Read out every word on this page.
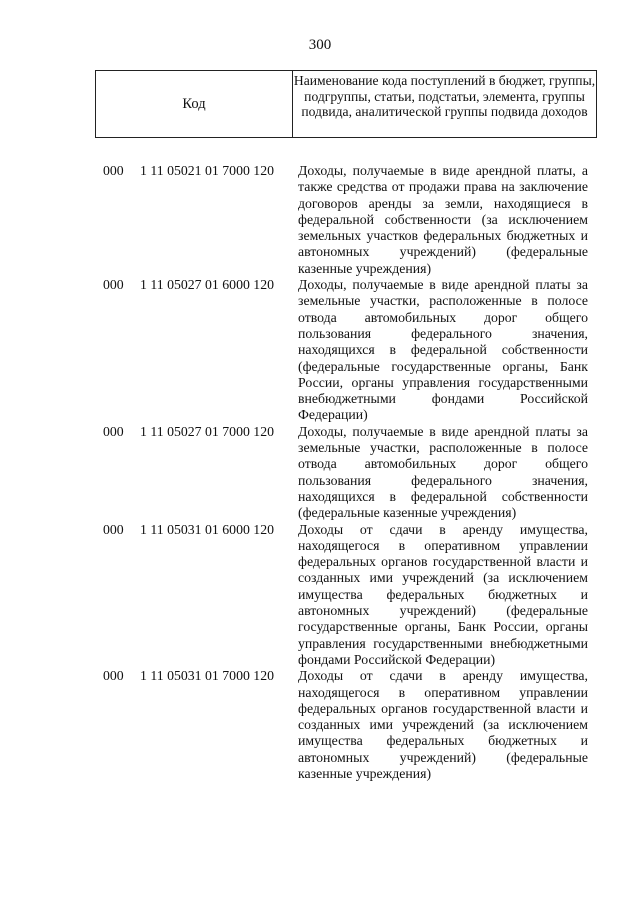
300
Код
Наименование кода поступлений в бюджет, группы, подгруппы, статьи, подстатьи, элемента, группы подвида, аналитической группы подвида доходов
000	1 11 05021 01 7000 120	Доходы, получаемые в виде арендной платы, а также средства от продажи права на заключение договоров аренды за земли, находящиеся в федеральной собственности (за исключением земельных участков федеральных бюджетных и автономных учреждений) (федеральные казенные учреждения)
000	1 11 05027 01 6000 120	Доходы, получаемые в виде арендной платы за земельные участки, расположенные в полосе отвода автомобильных дорог общего пользования федерального значения, находящихся в федеральной собственности (федеральные государственные органы, Банк России, органы управления государственными внебюджетными фондами Российской Федерации)
000	1 11 05027 01 7000 120	Доходы, получаемые в виде арендной платы за земельные участки, расположенные в полосе отвода автомобильных дорог общего пользования федерального значения, находящихся в федеральной собственности (федеральные казенные учреждения)
000	1 11 05031 01 6000 120	Доходы от сдачи в аренду имущества, находящегося в оперативном управлении федеральных органов государственной власти и созданных ими учреждений (за исключением имущества федеральных бюджетных и автономных учреждений) (федеральные государственные органы, Банк России, органы управления государственными внебюджетными фондами Российской Федерации)
000	1 11 05031 01 7000 120	Доходы от сдачи в аренду имущества, находящегося в оперативном управлении федеральных органов государственной власти и созданных ими учреждений (за исключением имущества федеральных бюджетных и автономных учреждений) (федеральные казенные учреждения)
